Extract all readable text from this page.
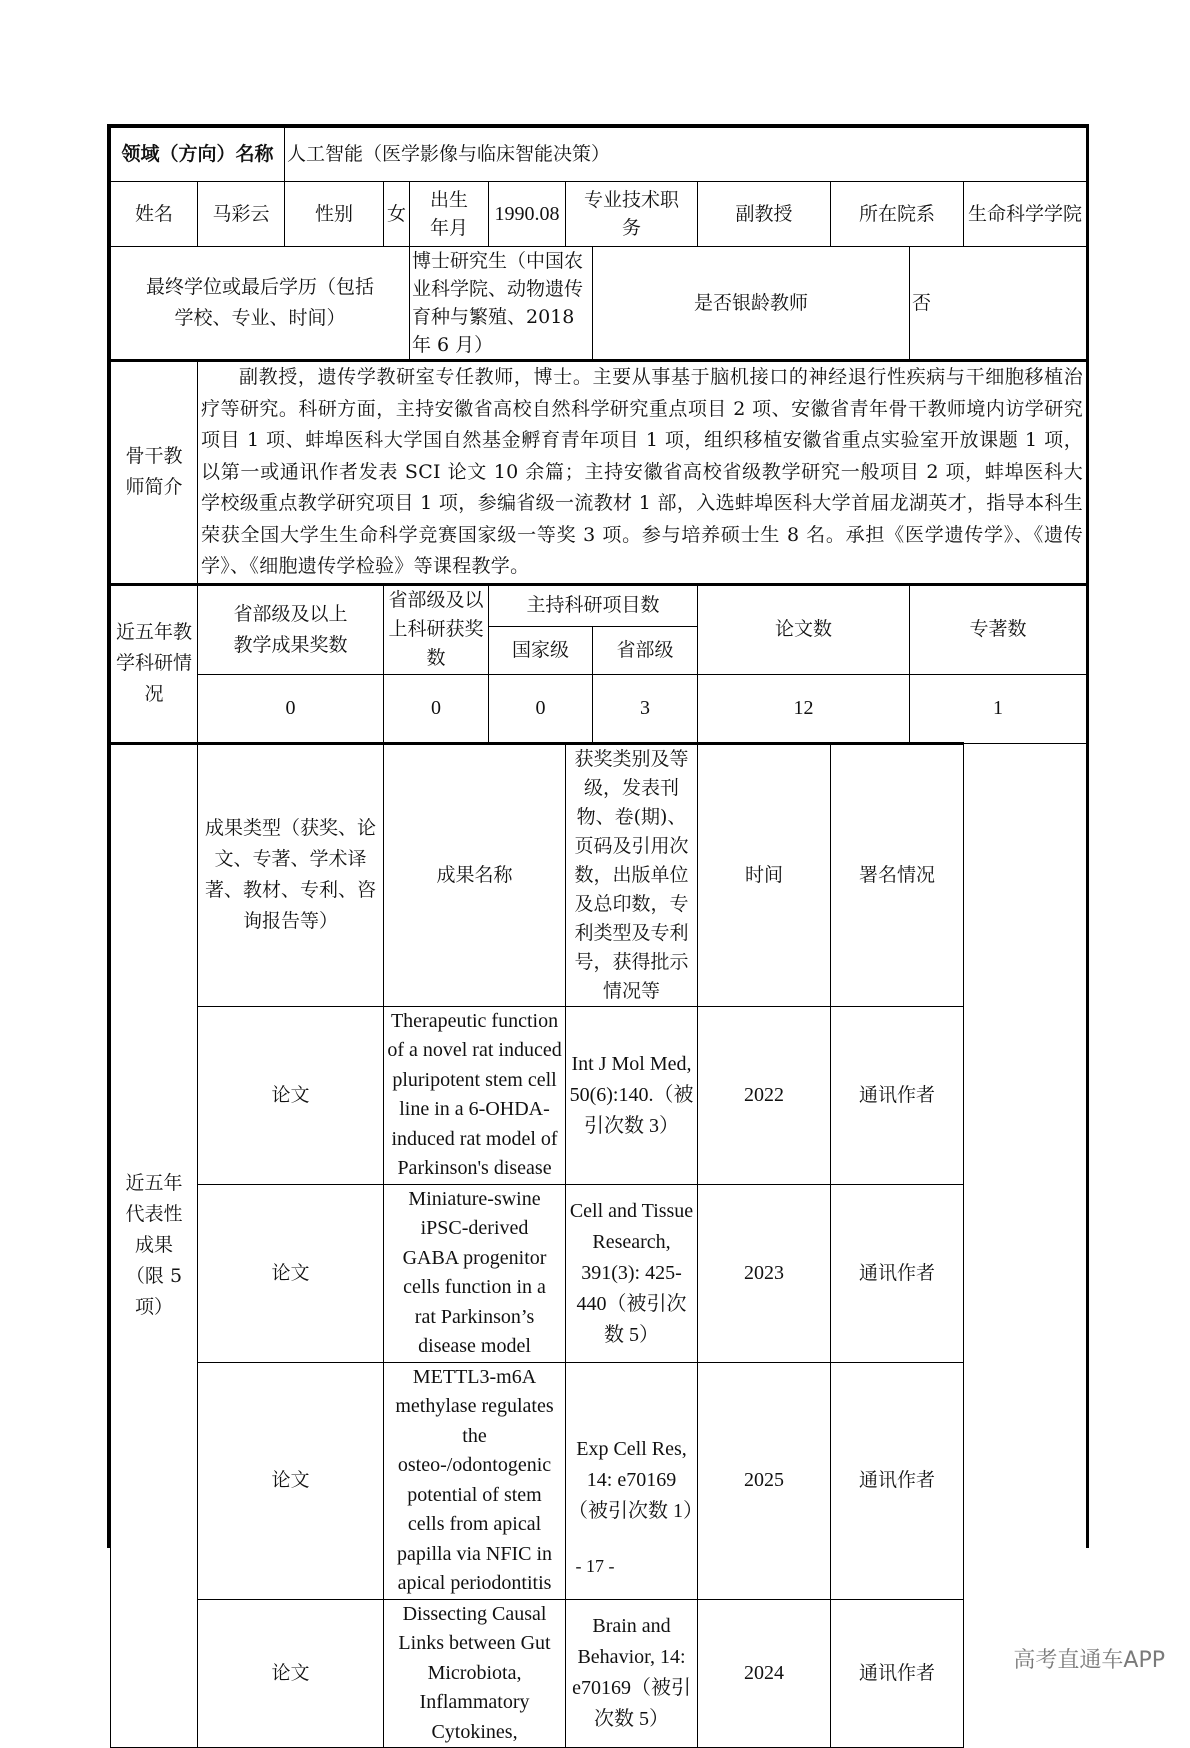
领域（方向）名称		人工智能（医学影像与临床智能决策）									
姓名	马彩云	性别	女	出生年月	1990.08	专业技术职　务		副教授	所在院系		生命科学学院
最终学位或最后学历（包括学校、专业、时间）				博士研究生（中国农业科学院、动物遗传育种与繁殖、2018 年 6 月）			是否银龄教师			否	
骨干教师简介	副教授，遗传学教研室专任教师，博士。主要从事基于脑机接口的神经退行性疾病与干细胞移植治疗等研究。科研方面，主持安徽省高校自然科学研究重点项目 2 项、安徽省青年骨干教师境内访学研究项目 1 项、蚌埠医科大学国自然基金孵育青年项目 1 项，组织移植安徽省重点实验室开放课题 1 项，以第一或通讯作者发表 SCI 论文 10 余篇；主持安徽省高校省级教学研究一般项目 2 项，蚌埠医科大学校级重点教学研究项目 1 项，参编省级一流教材 1 部，入选蚌埠医科大学首届龙湖英才，指导本科生荣获全国大学生生命科学竞赛国家级一等奖 3 项。参与培养硕士生 8 名。承担《医学遗传学》、《遗传学》、《细胞遗传学检验》等课程教学。										
近五年教学科研情况	省部级及以上教学成果奖数		省部级及以上科研获奖数		主持科研项目数			论文数		专著数	
					国家级		省部级				
	0		0		0		3	12		1	
近五年代表性成果（限 5 项）	成果类型（获奖、论文、专著、学术译著、教材、专利、咨询报告等）		成果名称			获奖类别及等级，发表刊物、卷(期)、页码及引用次数，出版单位及总印数，专利类型及专利号，获得批示情况等		时间	署名情况		
	论文		Therapeutic function of a novel rat induced pluripotent stem cell line in a 6-OHDA-induced rat model of Parkinson's disease			Int J Mol Med, 50(6):140.（被引次数 3）		2022	通讯作者		
	论文		Miniature-swine iPSC-derived GABA progenitor cells function in a rat Parkinson’s disease model			Cell and Tissue Research, 391(3): 425-440（被引次数 5）		2023	通讯作者		
	论文		METTL3-m6A methylase regulates the osteo-/odontogenic potential of stem cells from apical papilla via NFIC in apical periodontitis			Exp Cell Res, 14: e70169（被引次数 1）		2025	通讯作者		
	论文		Dissecting Causal Links between Gut Microbiota, Inflammatory Cytokines,			Brain and Behavior, 14: e70169（被引次数 5）		2024	通讯作者		
- 17 -
高考直通车APP
